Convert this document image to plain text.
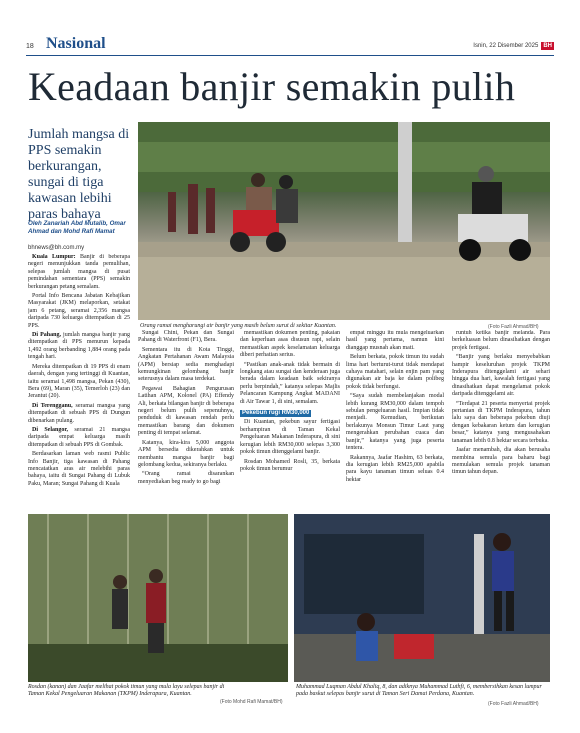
18 Nasional	Isnin, 22 Disember 2025 BH
Keadaan banjir semakin pulih
Jumlah mangsa di PPS semakin berkurangan, sungai di tiga kawasan lebihi paras bahaya
Oleh Zanariah Abd Mutalib, Omar Ahmad dan Mohd Rafi Mamat
bhnews@bh.com.my
Orang ramai mengharungi air banjir yang masih belum surut di sekitar Kuantan.	(Foto Fazli Ahmad/BH)

Kuala Lumpur: Banjir di beberapa negeri menunjukkan tanda pemulihan, selepas jumlah mangsa di pusat pemindahan sementara (PPS) semakin berkurangan petang semalam.

Portal Info Bencana Jabatan Kebajikan Masyarakat (JKM) melaporkan, setakat jam 6 petang, seramai 2,356 mangsa daripada 730 keluarga ditempatkan di 25 PPS.

Di Pahang, jumlah mangsa banjir yang ditempatkan di PPS menurun kepada 1,492 orang berbanding 1,884 orang pada tengah hari.

Mereka ditempatkan di 19 PPS di enam daerah, dengan yang tertinggi di Kuantan, iaitu seramai 1,498 mangsa, Pekan (430), Bera (69), Maran (35), Temerloh (23) dan Jerantut (20).

Di Terengganu, seramai mangsa yang ditempatkan di sebuah PPS di Dungun dibenarkan pulang.

Di Selangor, seramai 21 mangsa daripada empat keluarga masih ditempatkan di sebuah PPS di Gombak.

Berdasarkan laman web rasmi Public Info Banjir, tiga kawasan di Pahang mencatatkan aras air melebihi paras bahaya, iaitu di Sungai Pahang di Lubuk Paku, Maran; Sungai Pahang di Kuala

Sungai Chini, Pekan dan Sungai Pahang di Waterfront (F1), Bera.

Sementara itu di Kota Tinggi, Angkatan Pertahanan Awam Malaysia (APM) bersiap sedia menghadapi kemungkinan gelombang banjir seterusnya dalam masa terdekat.

Pegawai Bahagian Pengurusan Latihan APM, Kolonel (PA) Effendy Ali, berkata bilangan banjir di beberapa negeri belum pulih sepenuhnya, penduduk di kawasan rendah perlu memastikan barang dan dokumen penting di tempat selamat.

Katanya, kira-kira 5,000 anggota APM bersedia dikerahkan untuk membantu mangsa banjir bagi gelombang kedua, sekiranya berlaku.

“Orang ramai disarankan menyediakan beg ready to go bagi

memastikan dokumen penting, pakaian dan keperluan asas disusun rapi, selain memastikan aspek keselamatan keluarga diberi perhatian serius.

“Pastikan anak-anak tidak bermain di longkang atau sungai dan kenderaan juga berada dalam keadaan baik sekiranya perlu berpindah,” katanya selepas Majlis Pelancaran Kampung Angkat MADANI di Air Tawar 1, di sini, semalam.

Pekebun rugi RM30,000

Di Kuantan, pekebun sayur fertigasi berhampiran di Taman Kekal Pengeluaran Makanan Inderapura, di sini kerugian lebih RM30,000 selepas 3,300 pokok timun ditenggelami banjir.

Rosdan Mohamed Rosli, 35, berkata pokok timun berumur

empat minggu itu mula mengeluarkan hasil yang pertama, namun kini dianggap musnah akan mati.

Belum berkata, pokok timun itu sudah lima hari berturut-turut tidak mendapat cahaya matahari, selain enjin pam yang digunakan air baja ke dalam polibeg pokok tidak berfungsi.

“Saya sudah membelanjakan modal lebih kurang RM30,000 dalam tempoh sebulan pengeluaran hasil. Impian tidak menjadi. Kemudian, berikutan berlakunya Monsun Timur Laut yang mengerahkan perubahan cuaca dan banjir,” katanya yang juga peserta tentera.

Rakannya, Jaafar Hashim, 63 berkata, dia kerugian lebih RM25,000 apabila para kayu tanaman timun seluas 0.4 hektar

runtuh ketika banjir melanda. Para berkeluasan belum dinasihatkan dengan projek fertigasi.

“Banjir yang berlaku menyebabkan hampir keseluruhan projek TKPM Inderapura ditenggelami air sehari hingga dua hari, kawalah fertigasi yang dinasihatkan dapat mengelamat pokok daripada ditenggelami air.

“Terdapat 21 peserta menyertai projek pertanian di TKPM Inderapura, tahun lalu saya dan beberapa pekebun diuji dengan kebakaran ketum dan kerugian besar,” katanya yang mengusahakan tanaman lebih 0.8 hektar secara terbuka.

Jaafar menambah, dia akan berusaha membina semula para baharu bagi memulakan semula projek tanaman timun tahun depan.

Rosdan (kanan) dan Jaafar melihat pokok timun yang mula layu selepas banjir di Taman Kekal Pengeluaran Makanan (TKPM) Inderapura, Kuantan.
(Foto Mohd Rafi Mamat/BH)
Muhammad Luqman Abdul Khaliq, 8, dan adiknya Muhammad Luthfi, 6, membersihkan kesan lumpur pada baskut selepas banjir surut di Taman Seri Damai Perdana, Kuantan.
(Foto Fazli Ahmad/BH)
